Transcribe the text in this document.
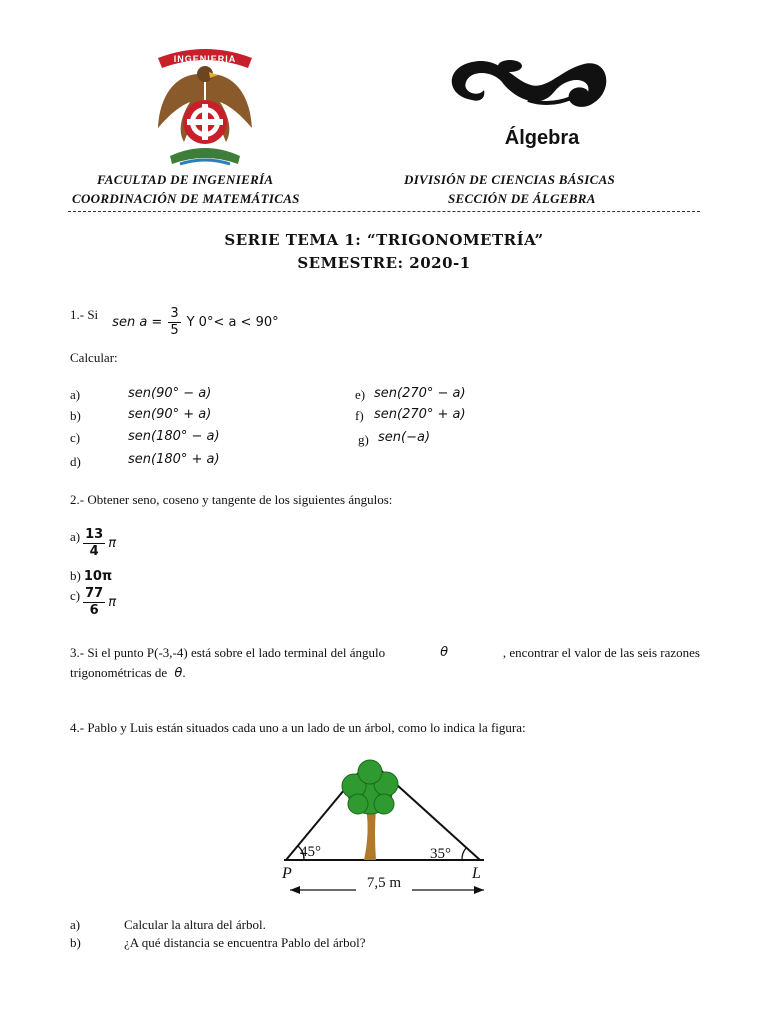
INGENIERIA
Álgebra
FACULTAD DE INGENIERÍA
COORDINACIÓN DE MATEMÁTICAS
DIVISIÓN DE CIENCIAS BÁSICAS
SECCIÓN DE ÁLGEBRA
SERIE TEMA 1: “TRIGONOMETRÍA”
SEMESTRE: 2020-1
1.- Si
sen $a = \frac{3}{5}$ Y 0°< a < 90°
Calcular:
a)	sen(90° − a)
b)	sen(90° + a)
c)	sen(180° − a)
d)	sen(180° + a)
e) sen(270° − a)
f) sen(270° + a)
g) sen(−a)
2.- Obtener seno, coseno y tangente de los siguientes ángulos:
$a) \frac{13}{4}$ π
b) 10π
$c) \frac{77}{6}$ π
3.- Si el punto P(-3,-4) está sobre el lado terminal del ángulo	θ	, encontrar el valor de las seis razones
trigonométricas de θ.
4.- Pablo y Luis están situados cada uno a un lado de un árbol, como lo indica la figura:
45°	35°
P	L
7,5 m
a)	Calcular la altura del árbol.
b)	¿A qué distancia se encuentra Pablo del árbol?
